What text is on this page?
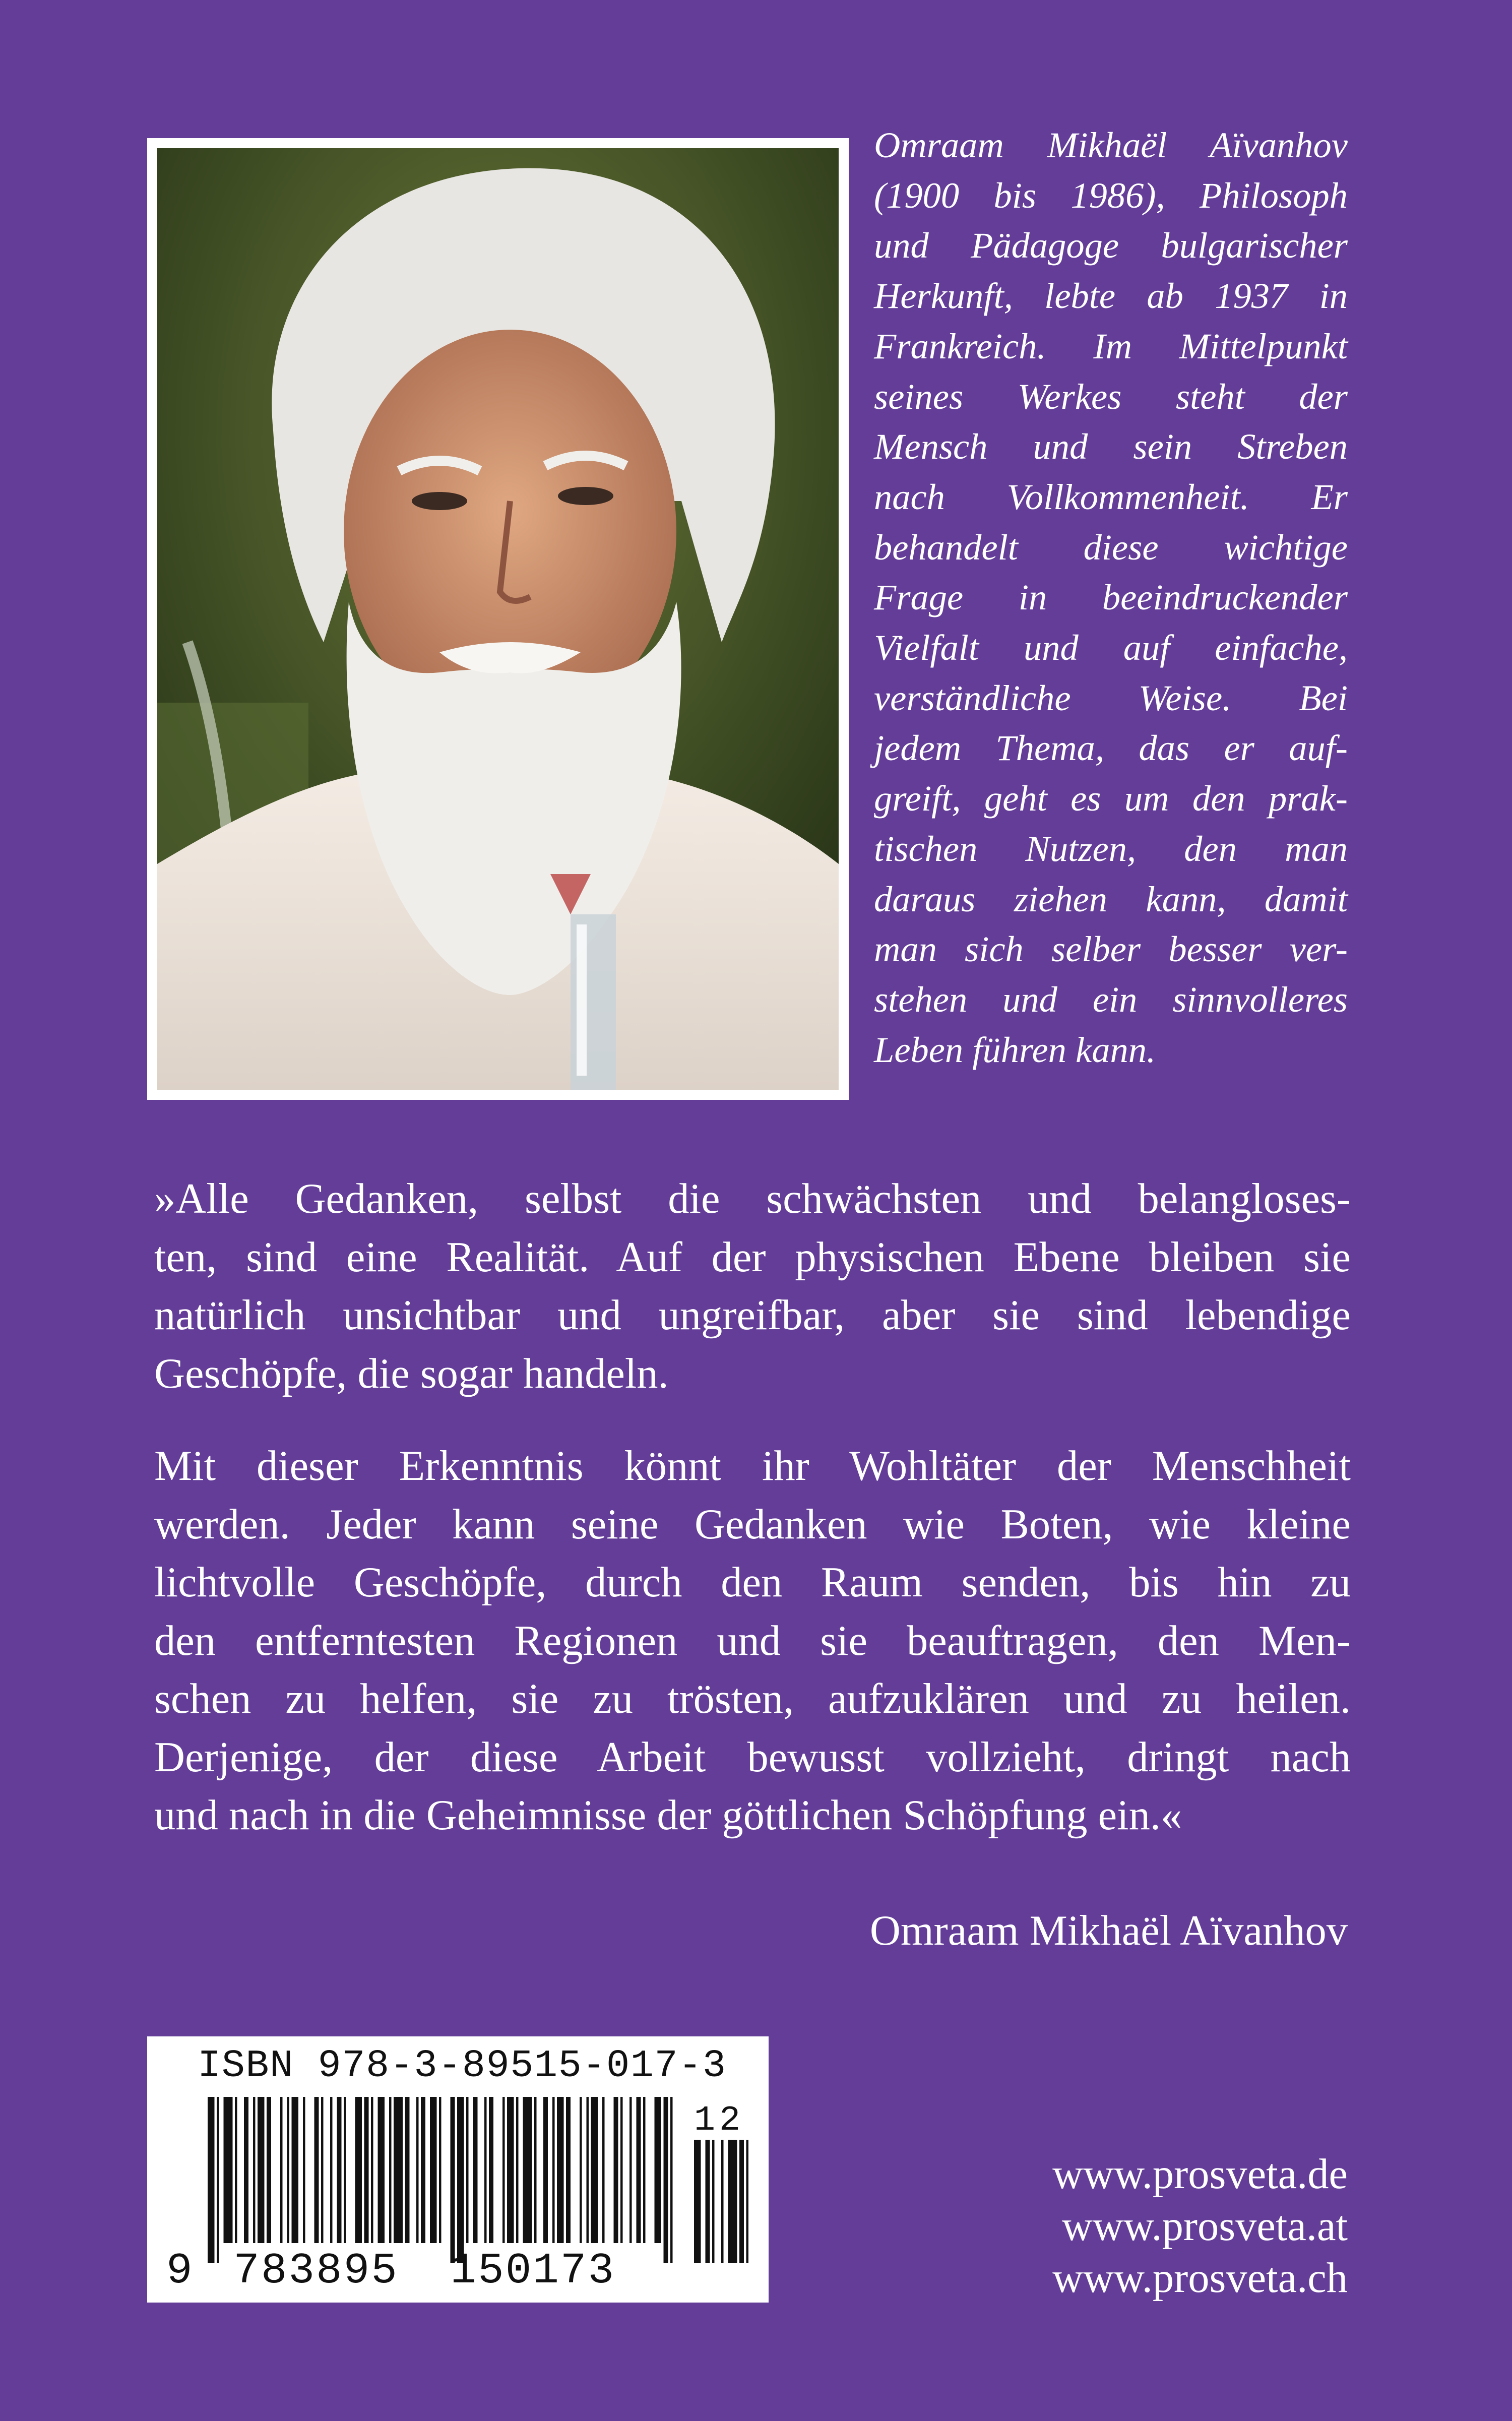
Omraam Mikhaël Aïvanhov
(1900 bis 1986), Philosoph
und Pädagoge bulgarischer
Herkunft, lebte ab 1937 in
Frankreich. Im Mittelpunkt
seines Werkes steht der
Mensch und sein Streben
nach Vollkommenheit. Er
behandelt diese wichtige
Frage in beeindruckender
Vielfalt und auf einfache,
verständliche Weise. Bei
jedem Thema, das er auf-
greift, geht es um den prak-
tischen Nutzen, den man
daraus ziehen kann, damit
man sich selber besser ver-
stehen und ein sinnvolleres
Leben führen kann.
»Alle Gedanken, selbst die schwächsten und belangloses-
ten, sind eine Realität. Auf der physischen Ebene bleiben sie
natürlich unsichtbar und ungreifbar, aber sie sind lebendige
Geschöpfe, die sogar handeln.
Mit dieser Erkenntnis könnt ihr Wohltäter der Menschheit
werden. Jeder kann seine Gedanken wie Boten, wie kleine
lichtvolle Geschöpfe, durch den Raum senden, bis hin zu
den entferntesten Regionen und sie beauftragen, den Men-
schen zu helfen, sie zu trösten, aufzuklären und zu heilen.
Derjenige, der diese Arbeit bewusst vollzieht, dringt nach
und nach in die Geheimnisse der göttlichen Schöpfung ein.«
Omraam Mikhaël Aïvanhov
ISBN 978-3-89515-017-3
12
9 783895 150173
www.prosveta.de
www.prosveta.at
www.prosveta.ch
